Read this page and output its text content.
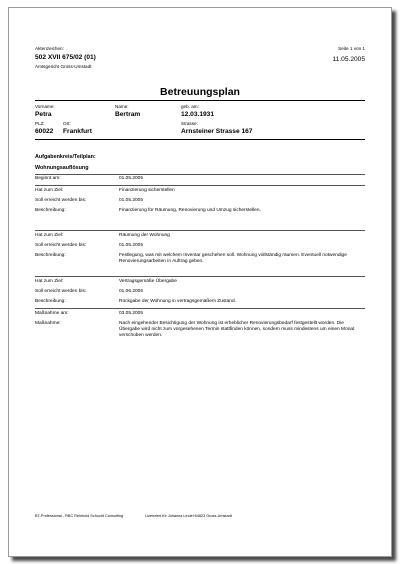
Aktenzeichen:
502 XVII 675/02 (01)
Amtsgericht Gross-Umstadt
Seite 1 von 1
11.05.2005
Betreuungsplan
Vorname:
Petra
Name:
Bertram
geb. am:
12.03.1931
PLZ:
60022
Ort:
Frankfurt
Strasse:
Arnsteiner Strasse 167
Aufgabenkreis/Teilplan:
Wohnungsauflösung
Beginnt am:	01.05.2005
Hat zum Ziel:	Finanzierung sicherstellen
Soll erreicht werden bis:	01.05.2005
Beschreibung:	Finanzierung für Räumung, Renovierung und Umzug sicherstellen.
Hat zum Ziel:	Räumung der Wohnung
Soll erreicht werden bis:	01.05.2005
Beschreibung:	Festlegung, was mit welchem Inventar geschehen soll. Wohnung vollständig räumen. Eventuell notwendige Renovierungsarbeiten in Auftrag geben.
Hat zum Ziel:	Vertragsgemäße Übergabe
Soll erreicht werden bis:	01.06.2005
Beschreibung:	Rückgabe der Wohnung in vertragsgemäßem Zustand.
Maßnahme am:	03.05.2005
Maßnahme:	Nach eingehender Besichtigung der Wohnung ist erheblicher Renovierungsbedarf festgestellt worden. Die Übergabe wird nicht zum vorgesehenen Termin stattfinden können, sondern muss mindestens um einen Monat verschoben werden.
BT-Professional - RBC Reinhold Schucht Consulting	Lizenziert für Johanna Lindel 64823 Gross-Umstadt
